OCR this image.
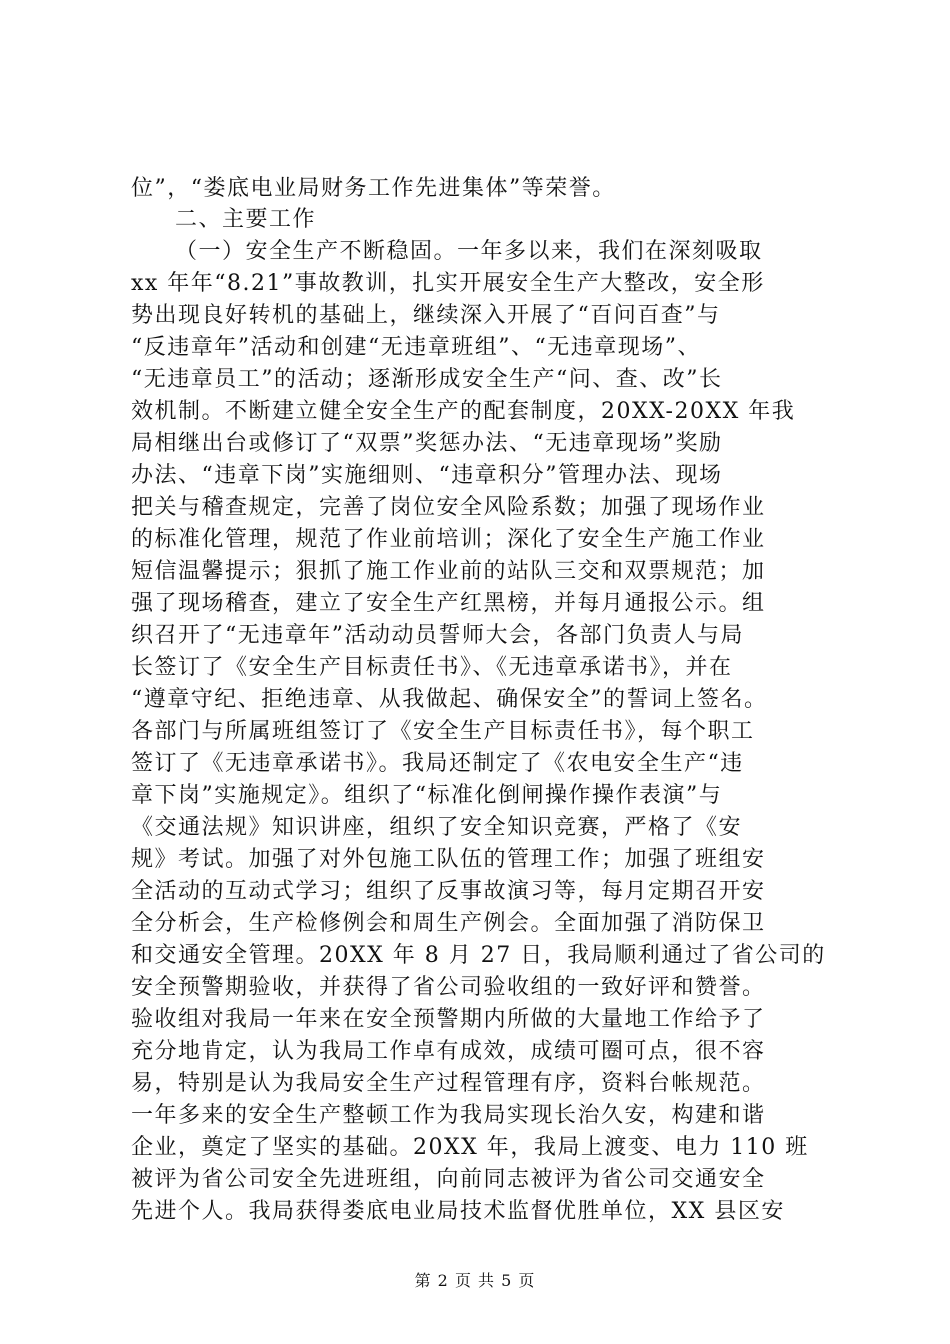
位”，“娄底电业局财务工作先进集体”等荣誉。
二、主要工作
（一）安全生产不断稳固。一年多以来，我们在深刻吸取
xx 年年“8.21”事故教训，扎实开展安全生产大整改，安全形
势出现良好转机的基础上，继续深入开展了“百问百查”与
“反违章年”活动和创建“无违章班组”、“无违章现场”、
“无违章员工”的活动；逐渐形成安全生产“问、查、改”长
效机制。不断建立健全安全生产的配套制度，20XX-20XX 年我
局相继出台或修订了“双票”奖惩办法、“无违章现场”奖励
办法、“违章下岗”实施细则、“违章积分”管理办法、现场
把关与稽查规定，完善了岗位安全风险系数；加强了现场作业
的标准化管理，规范了作业前培训；深化了安全生产施工作业
短信温馨提示；狠抓了施工作业前的站队三交和双票规范；加
强了现场稽查，建立了安全生产红黑榜，并每月通报公示。组
织召开了“无违章年”活动动员誓师大会，各部门负责人与局
长签订了《安全生产目标责任书》、《无违章承诺书》，并在
“遵章守纪、拒绝违章、从我做起、确保安全”的誓词上签名。
各部门与所属班组签订了《安全生产目标责任书》，每个职工
签订了《无违章承诺书》。我局还制定了《农电安全生产“违
章下岗”实施规定》。组织了“标准化倒闸操作操作表演”与
《交通法规》知识讲座，组织了安全知识竞赛，严格了《安
规》考试。加强了对外包施工队伍的管理工作；加强了班组安
全活动的互动式学习；组织了反事故演习等，每月定期召开安
全分析会，生产检修例会和周生产例会。全面加强了消防保卫
和交通安全管理。20XX 年 8 月 27 日，我局顺利通过了省公司的
安全预警期验收，并获得了省公司验收组的一致好评和赞誉。
验收组对我局一年来在安全预警期内所做的大量地工作给予了
充分地肯定，认为我局工作卓有成效，成绩可圈可点，很不容
易，特别是认为我局安全生产过程管理有序，资料台帐规范。
一年多来的安全生产整顿工作为我局实现长治久安，构建和谐
企业，奠定了坚实的基础。20XX 年，我局上渡变、电力 110 班
被评为省公司安全先进班组，向前同志被评为省公司交通安全
先进个人。我局获得娄底电业局技术监督优胜单位，XX 县区安
第 2 页 共 5 页
